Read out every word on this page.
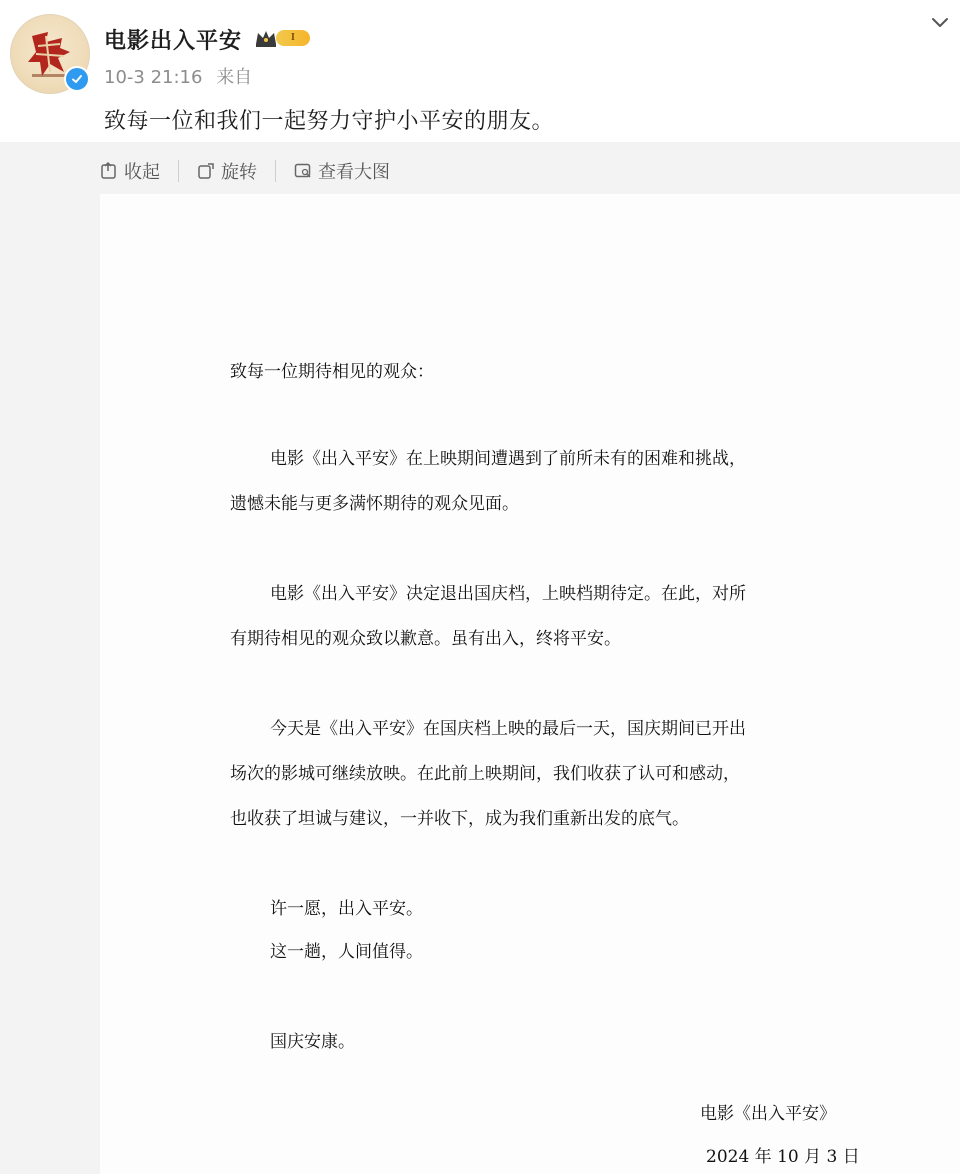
电影出入平安	I
10-3 21:16 来自
致每一位和我们一起努力守护小平安的朋友。
收起	旋转	查看大图

致每一位期待相见的观众：

电影《出入平安》在上映期间遭遇到了前所未有的困难和挑战，

遗憾未能与更多满怀期待的观众见面。

电影《出入平安》决定退出国庆档，上映档期待定。在此，对所

有期待相见的观众致以歉意。虽有出入，终将平安。

今天是《出入平安》在国庆档上映的最后一天，国庆期间已开出

场次的影城可继续放映。在此前上映期间，我们收获了认可和感动，

也收获了坦诚与建议，一并收下，成为我们重新出发的底气。

许一愿，出入平安。

这一趟，人间值得。

国庆安康。

电影《出入平安》

2024 年 10 月 3 日
